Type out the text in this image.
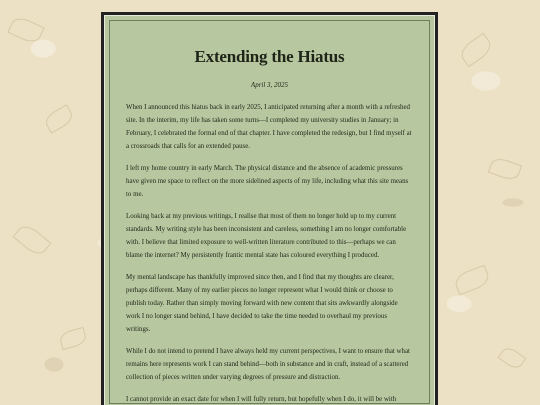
Extending the Hiatus
April 3, 2025

When I announced this hiatus back in early 2025, I anticipated returning after a month with a refreshed site. In the interim, my life has taken some turns—I completed my university studies in January; in February, I celebrated the formal end of that chapter. I have completed the redesign, but I find myself at a crossroads that calls for an extended pause.

I left my home country in early March. The physical distance and the absence of academic pressures have given me space to reflect on the more sidelined aspects of my life, including what this site means to me.

Looking back at my previous writings, I realise that most of them no longer hold up to my current standards. My writing style has been inconsistent and careless, something I am no longer comfortable with. I believe that limited exposure to well-written literature contributed to this—perhaps we can blame the internet? My persistently frantic mental state has coloured everything I produced.

My mental landscape has thankfully improved since then, and I find that my thoughts are clearer, perhaps different. Many of my earlier pieces no longer represent what I would think or choose to publish today. Rather than simply moving forward with new content that sits awkwardly alongside work I no longer stand behind, I have decided to take the time needed to overhaul my previous writings.

While I do not intend to pretend I have always held my current perspectives, I want to ensure that what remains here represents work I can stand behind—both in substance and in craft, instead of a scattered collection of pieces written under varying degrees of pressure and distraction.

I cannot provide an exact date for when I will fully return, but hopefully when I do, it will be with
